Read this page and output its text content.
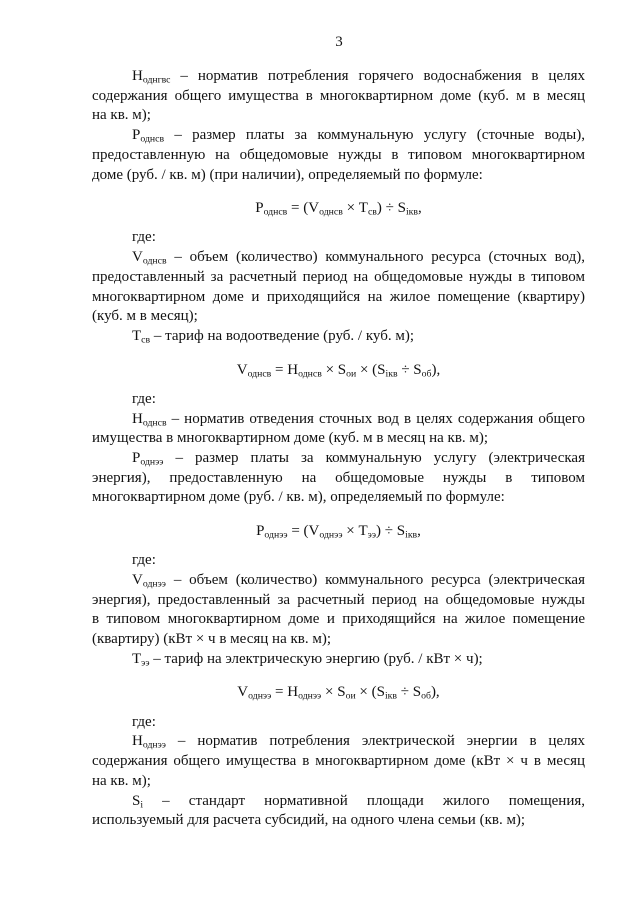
3
$Н_{однгвс}$ – норматив потребления горячего водоснабжения в целях
содержания общего имущества в многоквартирном доме (куб. м в месяц
на кв. м);
$Р_{однсв}$ – размер платы за коммунальную услугу (сточные воды),
предоставленную на общедомовые нужды в типовом многоквартирном
доме (руб. / кв. м) (при наличии), определяемый по формуле:
$Р_{однсв} = (V_{однсв} \times Т_{св}) \div S_{iкв}$,
где:
$V_{однсв}$ – объем (количество) коммунального ресурса (сточных вод),
предоставленный за расчетный период на общедомовые нужды в типовом
многоквартирном доме и приходящийся на жилое помещение (квартиру)
(куб. м в месяц);
$Т_{св}$ – тариф на водоотведение (руб. / куб. м);
$V_{однсв} = Н_{однсв} \times S_{ои} \times (S_{iкв} \div S_{об})$,
где:
$Н_{однсв}$ – норматив отведения сточных вод в целях содержания общего
имущества в многоквартирном доме (куб. м в месяц на кв. м);
$Р_{однээ}$ – размер платы за коммунальную услугу (электрическая
энергия), предоставленную на общедомовые нужды в типовом
многоквартирном доме (руб. / кв. м), определяемый по формуле:
$Р_{однээ} = (V_{однээ} \times Т_{ээ}) \div S_{iкв}$,
где:
$V_{однээ}$ – объем (количество) коммунального ресурса (электрическая
энергия), предоставленный за расчетный период на общедомовые нужды
в типовом многоквартирном доме и приходящийся на жилое помещение
(квартиру) (кВт × ч в месяц на кв. м);
$Т_{ээ}$ – тариф на электрическую энергию (руб. / кВт × ч);
$V_{однээ} = Н_{однээ} \times S_{ои} \times (S_{iкв} \div S_{об})$,
где:
$Н_{однээ}$ – норматив потребления электрической энергии в целях
содержания общего имущества в многоквартирном доме (кВт × ч в месяц
на кв. м);
$S_i$ – стандарт нормативной площади жилого помещения,
используемый для расчета субсидий, на одного члена семьи (кв. м);
